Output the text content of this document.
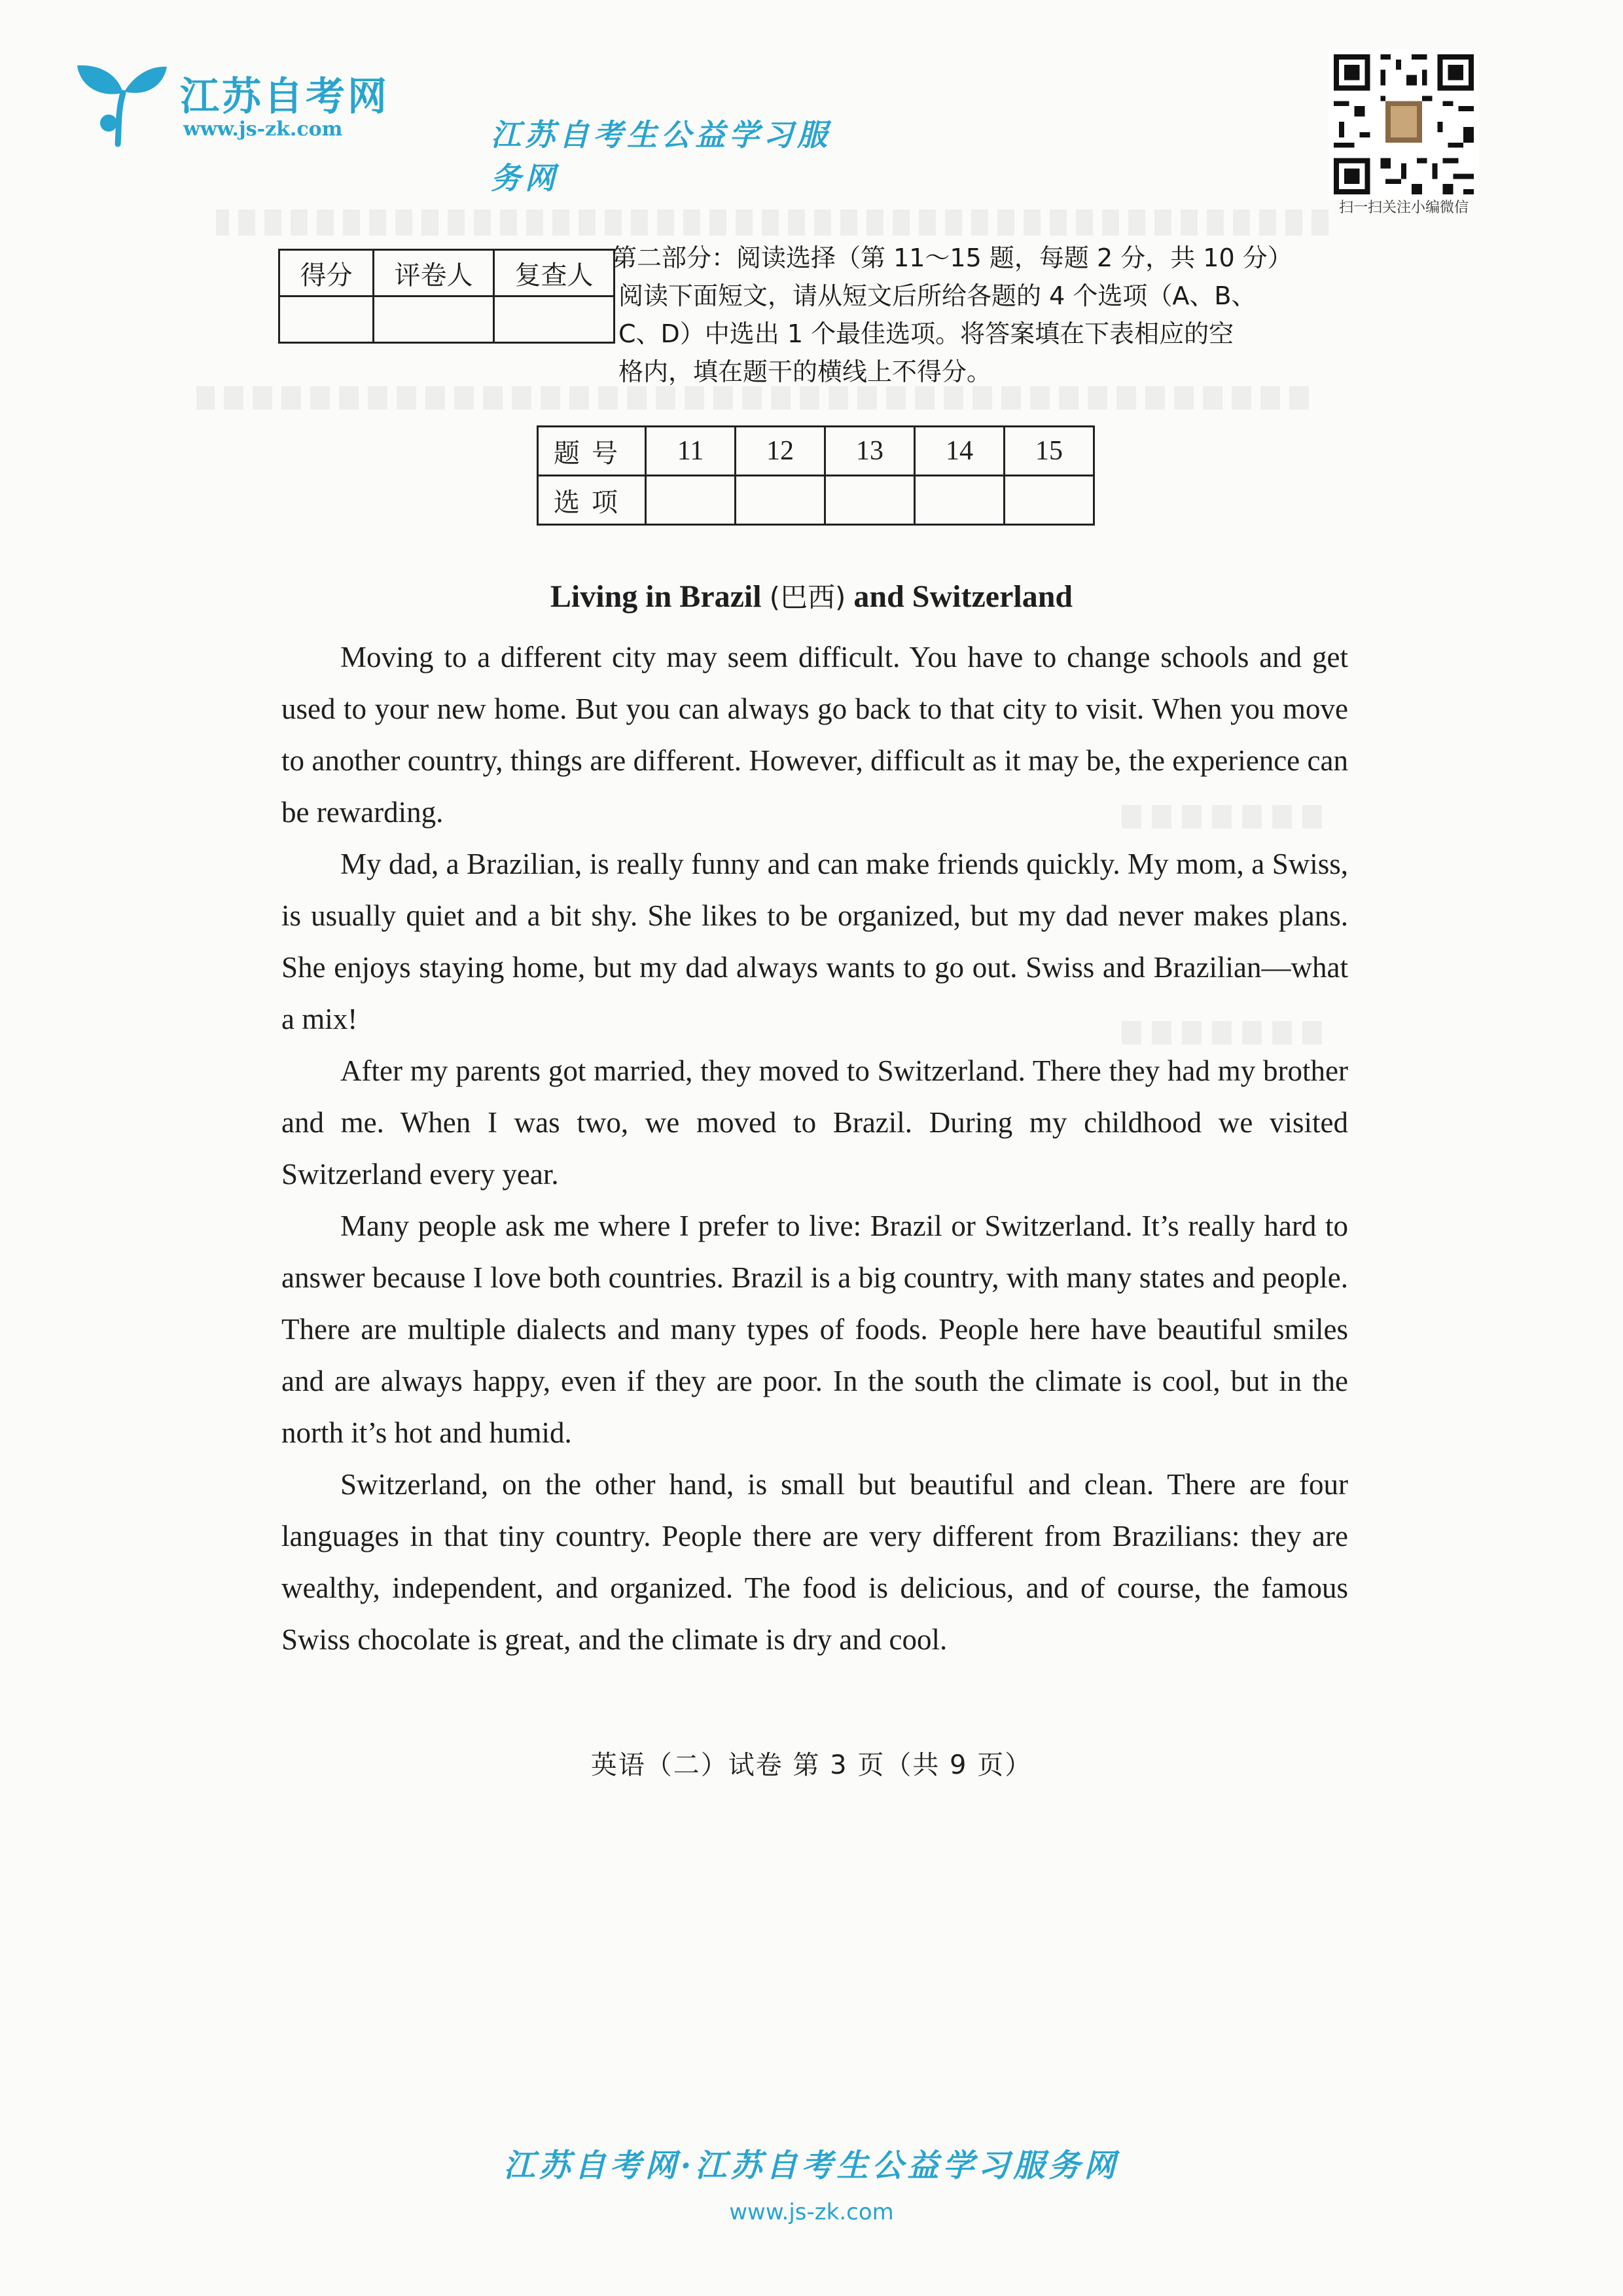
江苏自考网
www.js-zk.com	江苏自考生公益学习服务网
扫一扫关注小编微信
得分	评卷人	复查人

第二部分：阅读选择（第 11～15 题，每题 2 分，共 10 分）
阅读下面短文，请从短文后所给各题的 4 个选项（A、B、
C、D）中选出 1 个最佳选项。将答案填在下表相应的空
格内，填在题干的横线上不得分。
题号	11	12	13	14	15
选项					
Living in Brazil (巴西) and Switzerland

Moving to a different city may seem difficult. You have to change schools and get used to your new home. But you can always go back to that city to visit. When you move to another country, things are different. However, difficult as it may be, the experience can be rewarding.

My dad, a Brazilian, is really funny and can make friends quickly. My mom, a Swiss, is usually quiet and a bit shy. She likes to be organized, but my dad never makes plans. She enjoys staying home, but my dad always wants to go out. Swiss and Brazilian—what a mix!

After my parents got married, they moved to Switzerland. There they had my brother and me. When I was two, we moved to Brazil. During my childhood we visited Switzerland every year.

Many people ask me where I prefer to live: Brazil or Switzerland. It’s really hard to answer because I love both countries. Brazil is a big country, with many states and people. There are multiple dialects and many types of foods. People here have beautiful smiles and are always happy, even if they are poor. In the south the climate is cool, but in the north it’s hot and humid.

Switzerland, on the other hand, is small but beautiful and clean. There are four languages in that tiny country. People there are very different from Brazilians: they are wealthy, independent, and organized. The food is delicious, and of course, the famous Swiss chocolate is great, and the climate is dry and cool.

英语（二）试卷 第 3 页（共 9 页）
江苏自考网·江苏自考生公益学习服务网
www.js-zk.com
